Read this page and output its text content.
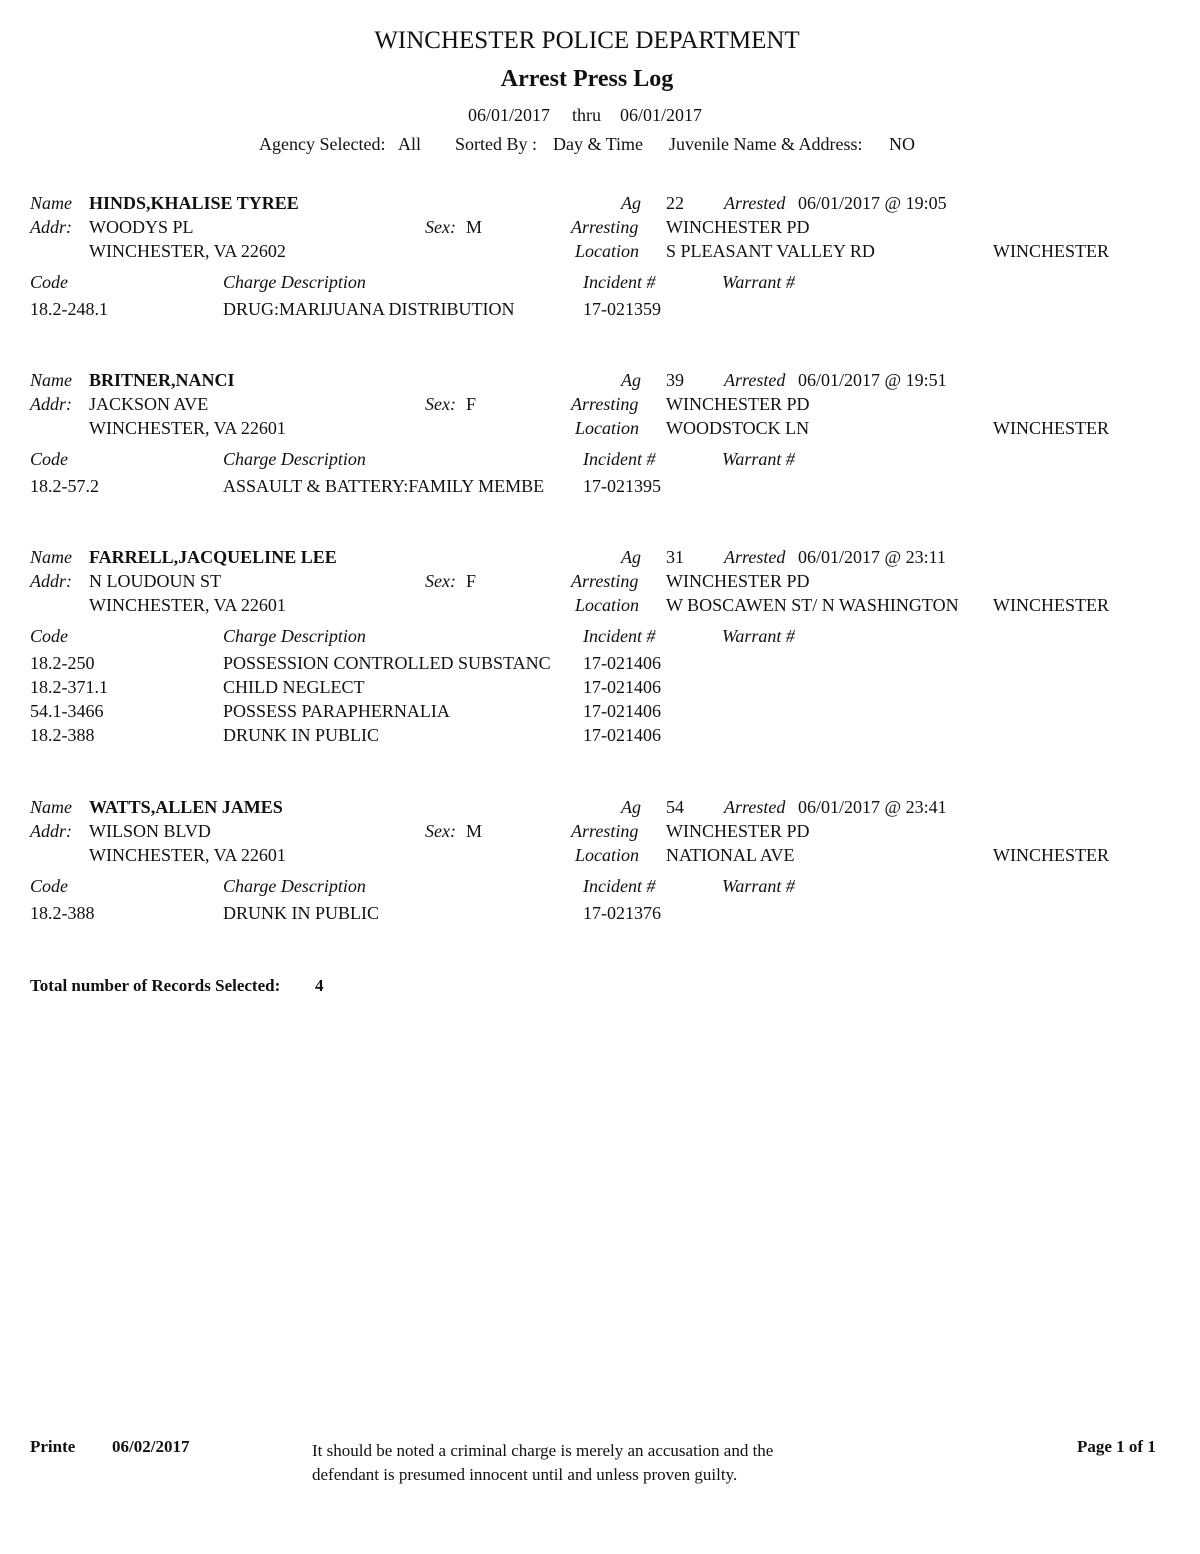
WINCHESTER POLICE DEPARTMENT
Arrest Press Log
06/01/2017 thru 06/01/2017
Agency Selected: All Sorted By : Day & Time Juvenile Name & Address: NO
Name HINDS,KHALISE TYREE	Ag 22 Arrested 06/01/2017 @ 19:05
Addr: WOODYS PL	Sex: M	Arresting WINCHESTER PD
WINCHESTER, VA 22602	Location S PLEASANT VALLEY RD	WINCHESTER
Code	Charge Description	Incident #	Warrant #
18.2-248.1	DRUG:MARIJUANA DISTRIBUTION	17-021359
Name BRITNER,NANCI	Ag 39 Arrested 06/01/2017 @ 19:51
Addr: JACKSON AVE	Sex: F	Arresting WINCHESTER PD
WINCHESTER, VA 22601	Location WOODSTOCK LN	WINCHESTER
Code	Charge Description	Incident #	Warrant #
18.2-57.2	ASSAULT & BATTERY:FAMILY MEMBE 17-021395
Name FARRELL,JACQUELINE LEE	Ag 31 Arrested 06/01/2017 @ 23:11
Addr: N LOUDOUN ST	Sex: F	Arresting WINCHESTER PD
WINCHESTER, VA 22601	Location W BOSCAWEN ST/ N WASHINGTON WINCHESTER
Code	Charge Description	Incident #	Warrant #
18.2-250	POSSESSION CONTROLLED SUBSTANC 17-021406
18.2-371.1	CHILD NEGLECT	17-021406
54.1-3466	POSSESS PARAPHERNALIA	17-021406
18.2-388	DRUNK IN PUBLIC	17-021406
Name WATTS,ALLEN JAMES	Ag 54 Arrested 06/01/2017 @ 23:41
Addr: WILSON BLVD	Sex: M	Arresting WINCHESTER PD
WINCHESTER, VA 22601	Location NATIONAL AVE	WINCHESTER
Code	Charge Description	Incident #	Warrant #
18.2-388	DRUNK IN PUBLIC	17-021376
Total number of Records Selected: 4
Printe 06/02/2017	It should be noted a criminal charge is merely an accusation and the
defendant is presumed innocent until and unless proven guilty.
Page 1 of 1
